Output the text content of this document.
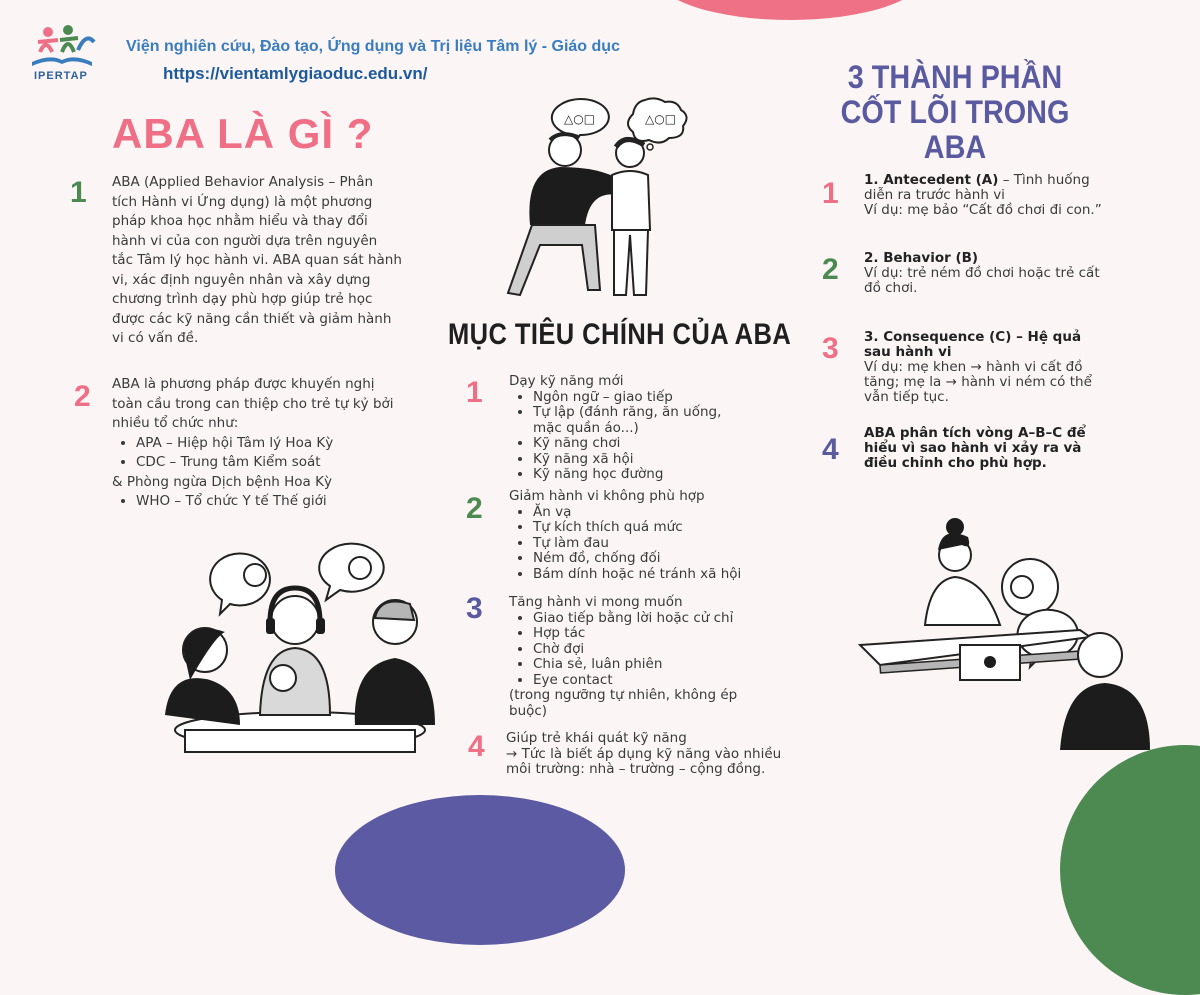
IPERTAP
Viện nghiên cứu, Đào tạo, Ứng dụng và Trị liệu Tâm lý - Giáo dục
https://vientamlygiaoduc.edu.vn/
ABA LÀ GÌ ?
1 ABA (Applied Behavior Analysis – Phân tích Hành vi Ứng dụng) là một phương pháp khoa học nhằm hiểu và thay đổi hành vi của con người dựa trên nguyên tắc Tâm lý học hành vi. ABA quan sát hành vi, xác định nguyên nhân và xây dựng chương trình dạy phù hợp giúp trẻ học được các kỹ năng cần thiết và giảm hành vi có vấn đề.
2 ABA là phương pháp được khuyến nghị toàn cầu trong can thiệp cho trẻ tự kỷ bởi nhiều tổ chức như:
• APA – Hiệp hội Tâm lý Hoa Kỳ
• CDC – Trung tâm Kiểm soát
& Phòng ngừa Dịch bệnh Hoa Kỳ
• WHO – Tổ chức Y tế Thế giới
△○□	△○□
MỤC TIÊU CHÍNH CỦA ABA
1 Dạy kỹ năng mới
• Ngôn ngữ – giao tiếp
• Tự lập (đánh răng, ăn uống, mặc quần áo...)
• Kỹ năng chơi
• Kỹ năng xã hội
• Kỹ năng học đường
2 Giảm hành vi không phù hợp
• Ăn vạ
• Tự kích thích quá mức
• Tự làm đau
• Ném đồ, chống đối
• Bám dính hoặc né tránh xã hội
3 Tăng hành vi mong muốn
• Giao tiếp bằng lời hoặc cử chỉ
• Hợp tác
• Chờ đợi
• Chia sẻ, luân phiên
• Eye contact
(trong ngưỡng tự nhiên, không ép buộc)
4 Giúp trẻ khái quát kỹ năng
→ Tức là biết áp dụng kỹ năng vào nhiều môi trường: nhà – trường – cộng đồng.
3 THÀNH PHẦN CỐT LÕI TRONG ABA
1 1. Antecedent (A) – Tình huống diễn ra trước hành vi
Ví dụ: mẹ bảo “Cất đồ chơi đi con.”
2 2. Behavior (B)
Ví dụ: trẻ ném đồ chơi hoặc trẻ cất đồ chơi.
3 3. Consequence (C) – Hệ quả sau hành vi
Ví dụ: mẹ khen → hành vi cất đồ tăng; mẹ la → hành vi ném có thể vẫn tiếp tục.
4 ABA phân tích vòng A–B–C để hiểu vì sao hành vi xảy ra và điều chỉnh cho phù hợp.
